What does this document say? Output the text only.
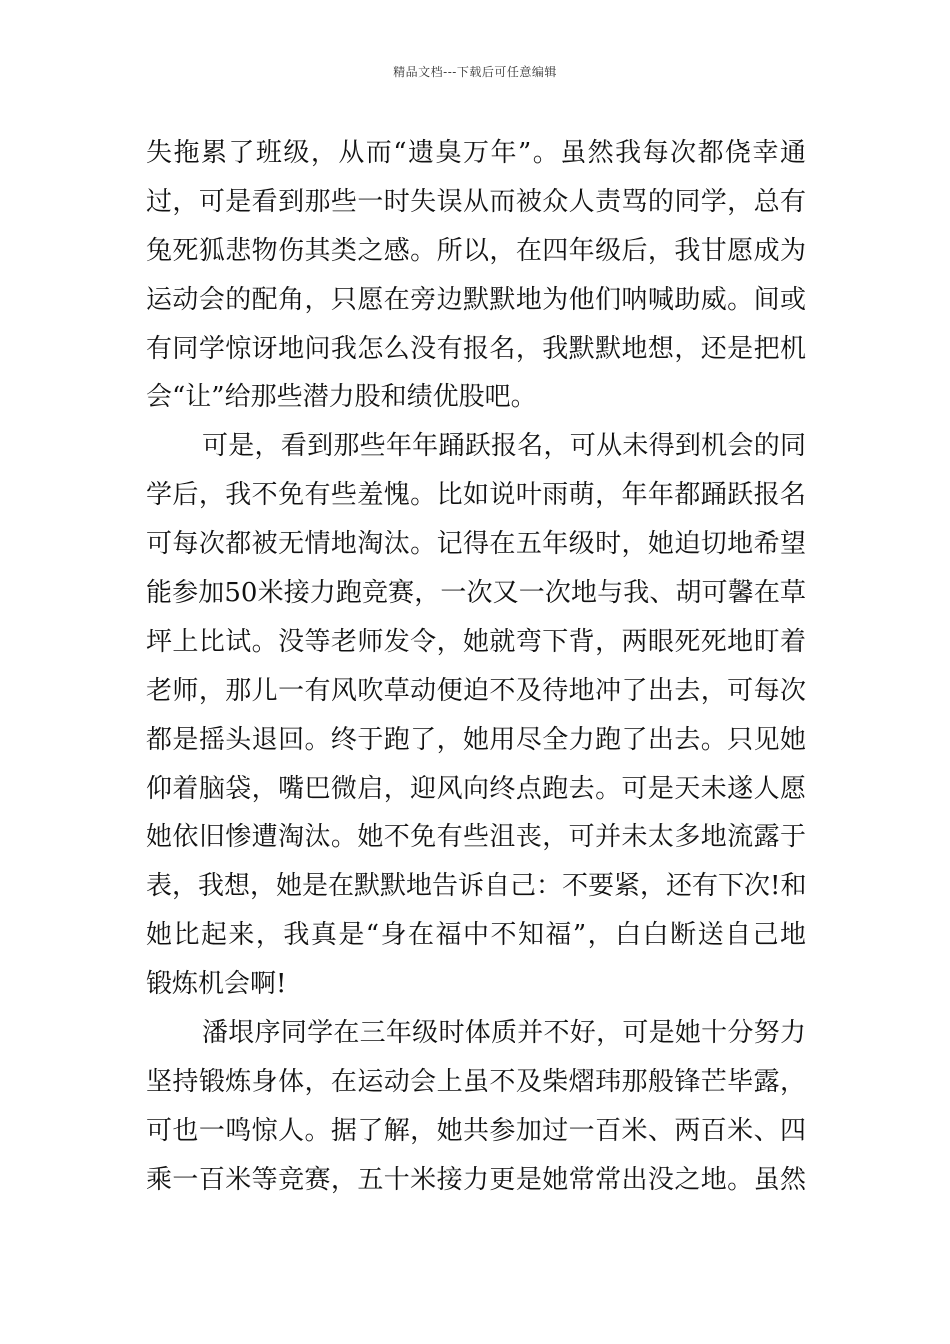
精品文档---下载后可任意编辑
失拖累了班级，从而“遗臭万年”。虽然我每次都侥幸通
过，可是看到那些一时失误从而被众人责骂的同学，总有
兔死狐悲物伤其类之感。所以，在四年级后，我甘愿成为
运动会的配角，只愿在旁边默默地为他们呐喊助威。间或
有同学惊讶地问我怎么没有报名，我默默地想，还是把机
会“让”给那些潜力股和绩优股吧。
可是，看到那些年年踊跃报名，可从未得到机会的同
学后，我不免有些羞愧。比如说叶雨萌，年年都踊跃报名
可每次都被无情地淘汰。记得在五年级时，她迫切地希望
能参加50米接力跑竞赛，一次又一次地与我、胡可馨在草
坪上比试。没等老师发令，她就弯下背，两眼死死地盯着
老师，那儿一有风吹草动便迫不及待地冲了出去，可每次
都是摇头退回。终于跑了，她用尽全力跑了出去。只见她
仰着脑袋，嘴巴微启，迎风向终点跑去。可是天未遂人愿
她依旧惨遭淘汰。她不免有些沮丧，可并未太多地流露于
表，我想，她是在默默地告诉自己：不要紧，还有下次!和
她比起来，我真是“身在福中不知福”，白白断送自己地
锻炼机会啊!
潘垠序同学在三年级时体质并不好，可是她十分努力
坚持锻炼身体，在运动会上虽不及柴熠玮那般锋芒毕露，
可也一鸣惊人。据了解，她共参加过一百米、两百米、四
乘一百米等竞赛，五十米接力更是她常常出没之地。虽然
